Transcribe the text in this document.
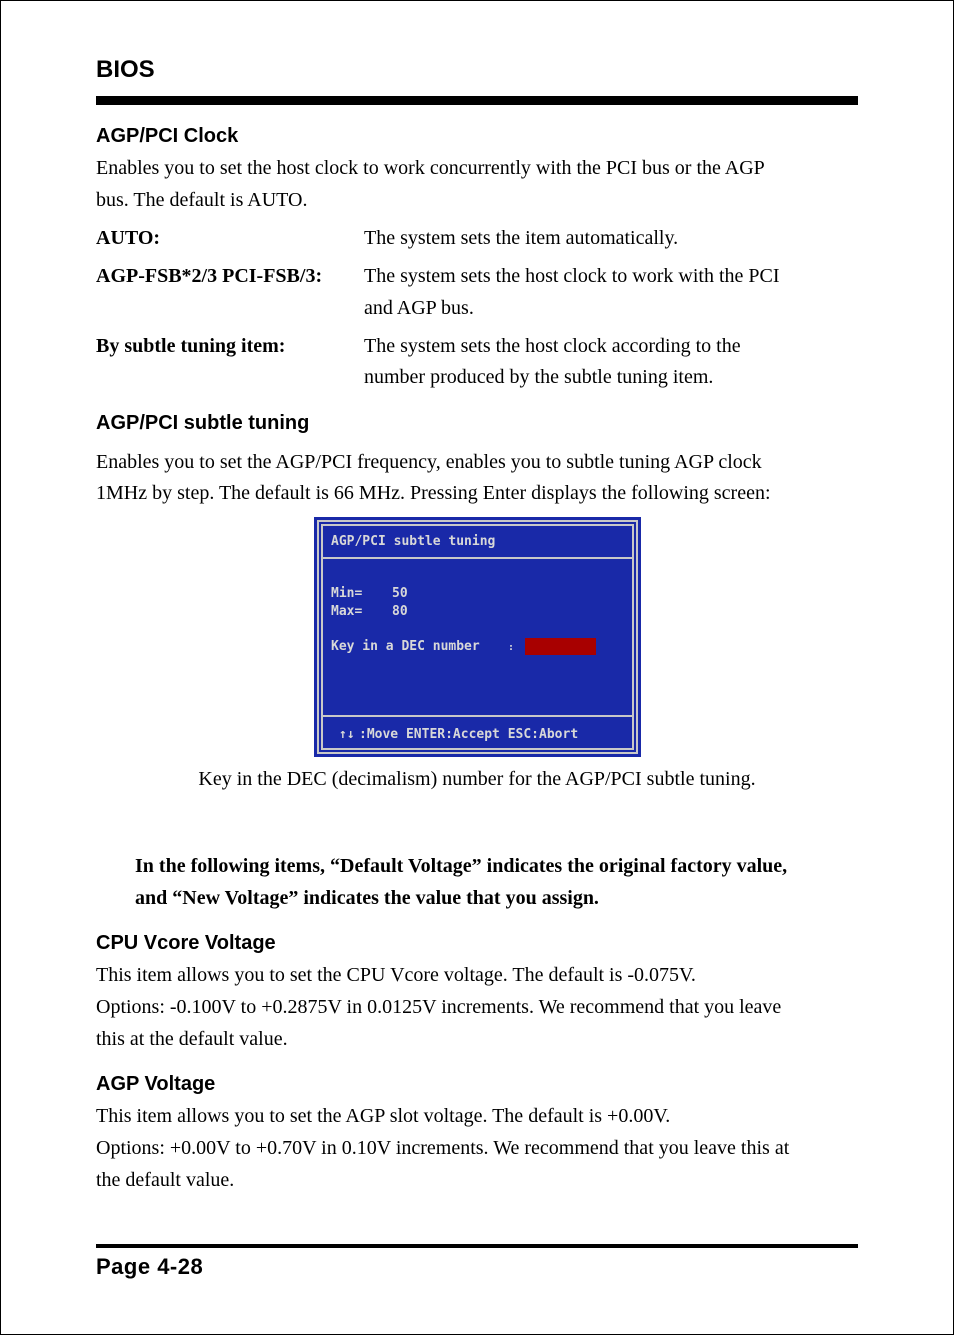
BIOS
AGP/PCI Clock
Enables you to set the host clock to work concurrently with the PCI bus or the AGP
bus. The default is AUTO.
AUTO:	The system sets the item automatically.
AGP-FSB*2/3 PCI-FSB/3: The system sets the host clock to work with the PCI
and AGP bus.
By subtle tuning item:	The system sets the host clock according to the
number produced by the subtle tuning item.
AGP/PCI subtle tuning
Enables you to set the AGP/PCI frequency, enables you to subtle tuning AGP clock
1MHz by step. The default is 66 MHz. Pressing Enter displays the following screen:
AGP/PCI subtle tuning
Min= 50
Max= 80
Key in a DEC number	:
↑↓ :Move ENTER:Accept ESC:Abort
Key in the DEC (decimalism) number for the AGP/PCI subtle tuning.
In the following items, “Default Voltage” indicates the original factory value,
and “New Voltage” indicates the value that you assign.
CPU Vcore Voltage
This item allows you to set the CPU Vcore voltage. The default is -0.075V.
Options: -0.100V to +0.2875V in 0.0125V increments. We recommend that you leave
this at the default value.
AGP Voltage
This item allows you to set the AGP slot voltage. The default is +0.00V.
Options: +0.00V to +0.70V in 0.10V increments. We recommend that you leave this at
the default value.
Page 4-28
